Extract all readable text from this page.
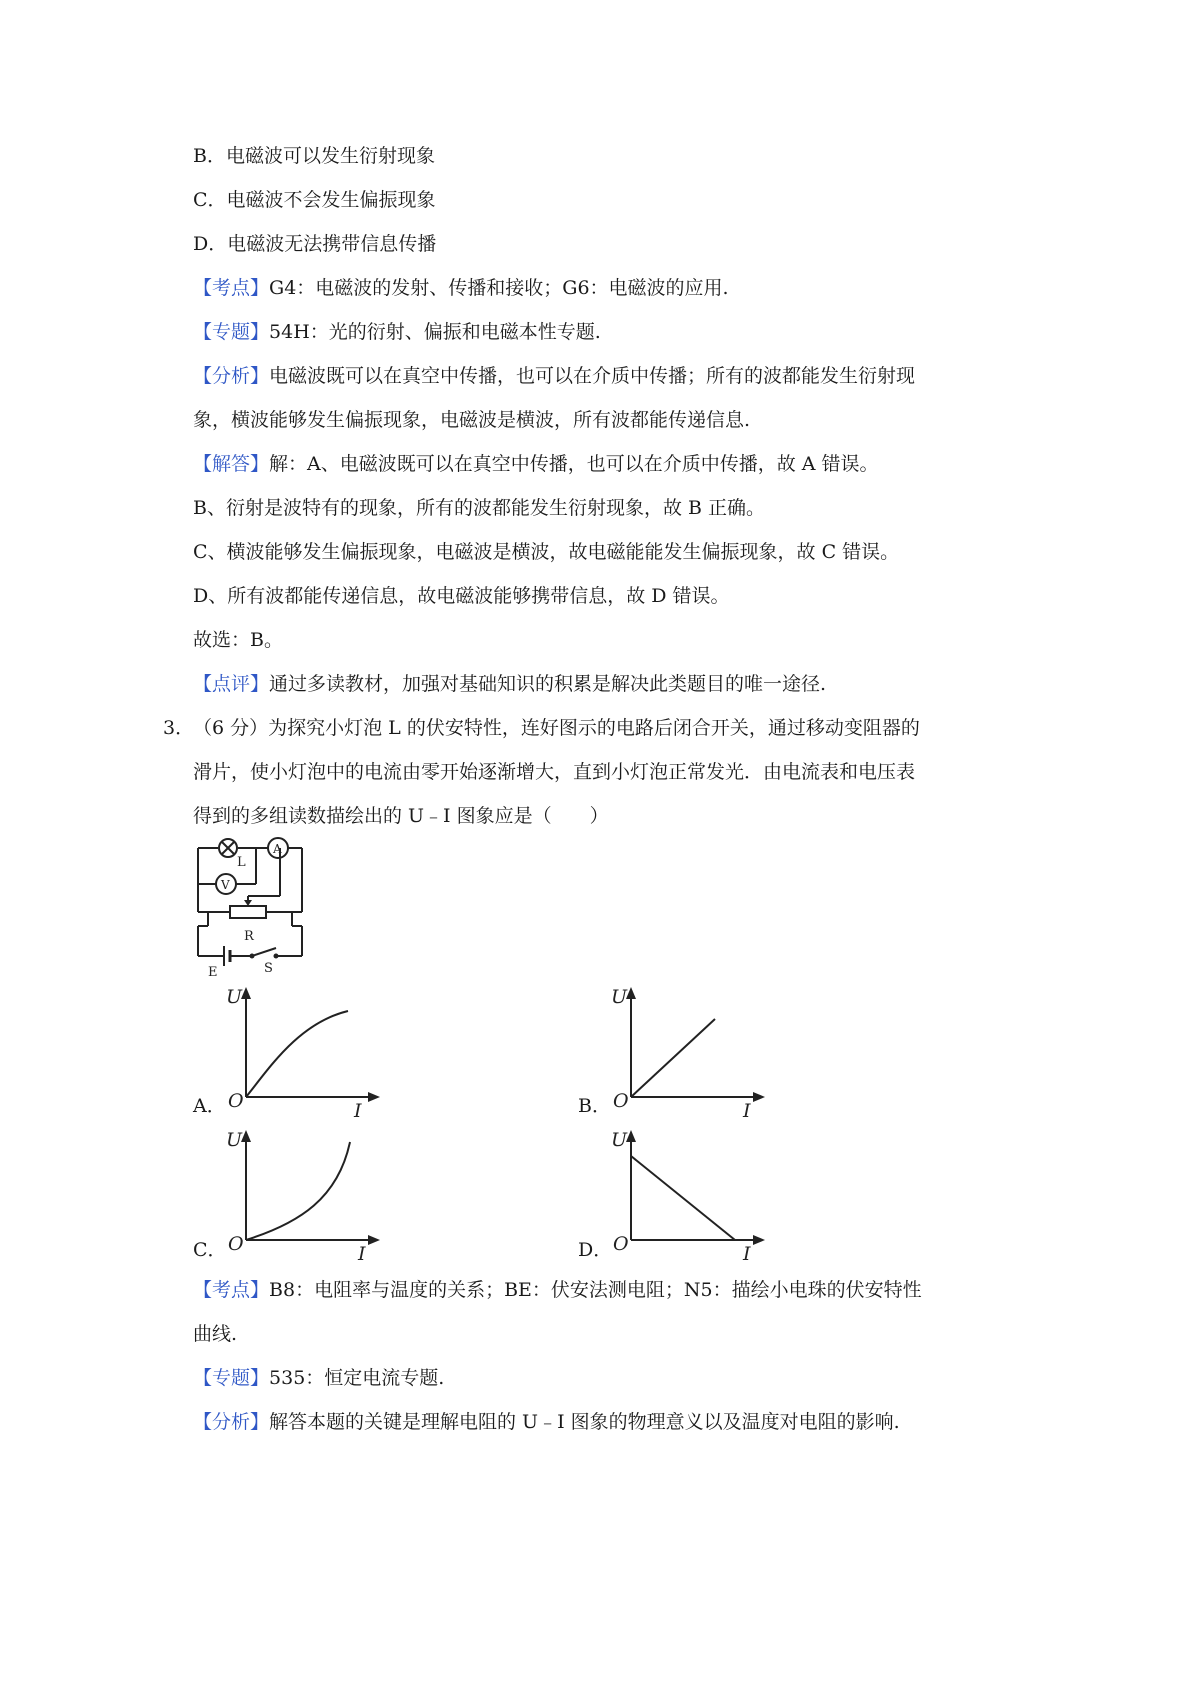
B．电磁波可以发生衍射现象
C．电磁波不会发生偏振现象
D．电磁波无法携带信息传播
【考点】G4：电磁波的发射、传播和接收；G6：电磁波的应用.
【专题】54H：光的衍射、偏振和电磁本性专题.
【分析】电磁波既可以在真空中传播，也可以在介质中传播；所有的波都能发生衍射现
象，横波能够发生偏振现象，电磁波是横波，所有波都能传递信息.
【解答】解：A、电磁波既可以在真空中传播，也可以在介质中传播，故 A 错误。
B、衍射是波特有的现象，所有的波都能发生衍射现象，故 B 正确。
C、横波能够发生偏振现象，电磁波是横波，故电磁能能发生偏振现象，故 C 错误。
D、所有波都能传递信息，故电磁波能够携带信息，故 D 错误。
故选：B。
【点评】通过多读教材，加强对基础知识的积累是解决此类题目的唯一途径.
3．
（6 分）为探究小灯泡 L 的伏安特性，连好图示的电路后闭合开关，通过移动变阻器的
滑片，使小灯泡中的电流由零开始逐渐增大，直到小灯泡正常发光．由电流表和电压表
得到的多组读数描绘出的 U﹣I 图象应是（　　）
L
A
V
R
E	S
A．	B．
C．	D．
U
I
O
U
I
O
U
I
O
U
I
O
【考点】B8：电阻率与温度的关系；BE：伏安法测电阻；N5：描绘小电珠的伏安特性
曲线.
【专题】535：恒定电流专题.
【分析】解答本题的关键是理解电阻的 U﹣I 图象的物理意义以及温度对电阻的影响.
